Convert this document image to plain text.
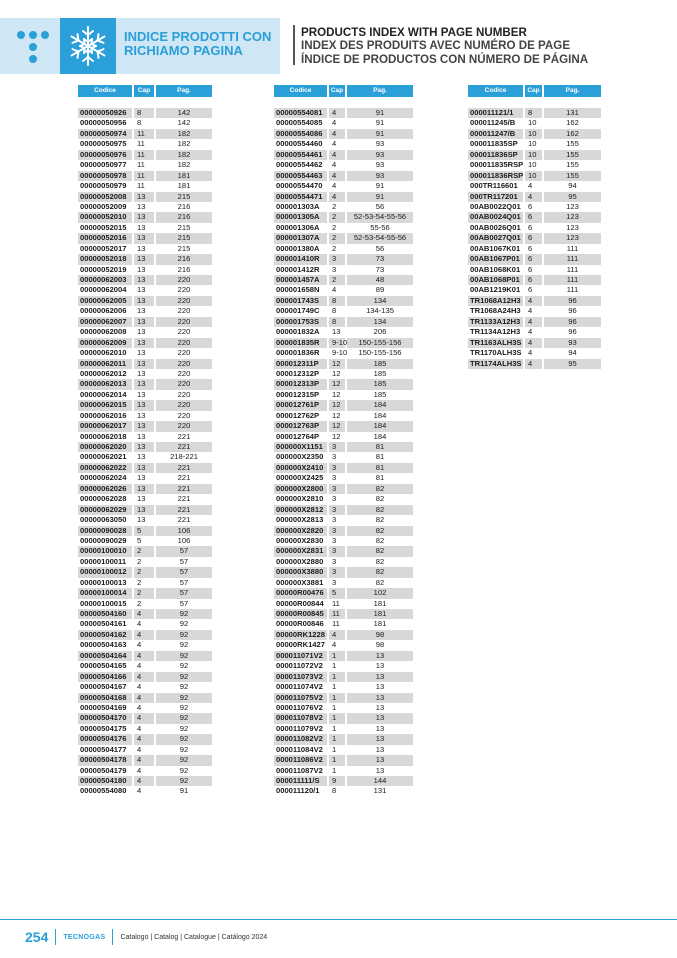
INDICE PRODOTTI CON RICHIAMO PAGINA
PRODUCTS INDEX WITH PAGE NUMBER
INDEX DES PRODUITS AVEC NUMÉRO DE PAGE
ÍNDICE DE PRODUCTOS CON NÚMERO DE PÁGINA
Codice	Cap	Pag.
00000050926	8	142
00000050956	8	142
00000050974	11	182
00000050975	11	182
00000050976	11	182
00000050977	11	182
00000050978	11	181
00000050979	11	181
00000052008	13	215
00000052009	13	216
00000052010	13	216
00000052015	13	215
00000052016	13	215
00000052017	13	215
00000052018	13	216
00000052019	13	216
00000062003	13	220
00000062004	13	220
00000062005	13	220
00000062006	13	220
00000062007	13	220
00000062008	13	220
00000062009	13	220
00000062010	13	220
00000062011	13	220
00000062012	13	220
00000062013	13	220
00000062014	13	220
00000062015	13	220
00000062016	13	220
00000062017	13	220
00000062018	13	221
00000062020	13	221
00000062021	13	218-221
00000062022	13	221
00000062024	13	221
00000062026	13	221
00000062028	13	221
00000062029	13	221
00000063050	13	221
00000090028	5	106
00000090029	5	106
00000100010	2	57
00000100011	2	57
00000100012	2	57
00000100013	2	57
00000100014	2	57
00000100015	2	57
00000504160	4	92
00000504161	4	92
00000504162	4	92
00000504163	4	92
00000504164	4	92
00000504165	4	92
00000504166	4	92
00000504167	4	92
00000504168	4	92
00000504169	4	92
00000504170	4	92
00000504175	4	92
00000504176	4	92
00000504177	4	92
00000504178	4	92
00000504179	4	92
00000504180	4	92
00000554080	4	91
Codice	Cap	Pag.
00000554081	4	91
00000554085	4	91
00000554086	4	91
00000554460	4	93
00000554461	4	93
00000554462	4	93
00000554463	4	93
00000554470	4	91
00000554471	4	91
000001303A	2	56
000001305A	2	52-53-54-55-56
000001306A	2	55-56
000001307A	2	52-53-54-55-56
000001380A	2	56
000001410R	3	73
000001412R	3	73
000001457A	2	48
000001658N	4	89
000001743S	8	134
000001749C	8	134-135
000001753S	8	134
000001832A	13	206
000001835R	9-10	150-155-156
000001836R	9-10	150-155-156
000012311P	12	185
000012312P	12	185
000012313P	12	185
000012315P	12	185
000012761P	12	184
000012762P	12	184
000012763P	12	184
000012764P	12	184
000000X1151	3	81
000000X2350	3	81
000000X2410	3	81
000000X2425	3	81
000000X2800	3	82
000000X2810	3	82
000000X2812	3	82
000000X2813	3	82
000000X2820	3	82
000000X2830	3	82
000000X2831	3	82
000000X2880	3	82
000000X3880	3	82
000000X3881	3	82
00000R00476	5	102
00000R00844	11	181
00000R00845	11	181
00000R00846	11	181
00000RK1228 4	98
00000RK1427 4	98
000011071V2	1	13
000011072V2	1	13
000011073V2	1	13
000011074V2	1	13
000011075V2	1	13
000011076V2	1	13
000011078V2	1	13
000011079V2	1	13
000011082V2	1	13
000011084V2	1	13
000011086V2	1	13
000011087V2	1	13
000011111/S	9	144
000011120/1	8	131
Codice	Cap	Pag.
000011121/1	8	131
000011245/B	10	162
000011247/B	10	162
000011835SP	10	155
000011836SP	10	155
000011835RSP 10	155
000011836RSP 10	155
000TR116601	4	94
000TR117201	4	95
00AB0022Q01 6	123
00AB0024Q01 6	123
00AB0026Q01 6	123
00AB0027Q01 6	123
00AB1067K01	6	111
00AB1067P01	6	111
00AB1068K01	6	111
00AB1068P01	6	111
00AB1219K01	6	111
TR1068A12H3 4	96
TR1068A24H3 4	96
TR1133A12H3	4	96
TR1134A12H3	4	96
TR1163ALH3S 4	93
TR1170ALH3S 4	94
TR1174ALH3S 4	95
254 TECNOGAS Catalogo | Catalog | Catalogue | Catálogo 2024
